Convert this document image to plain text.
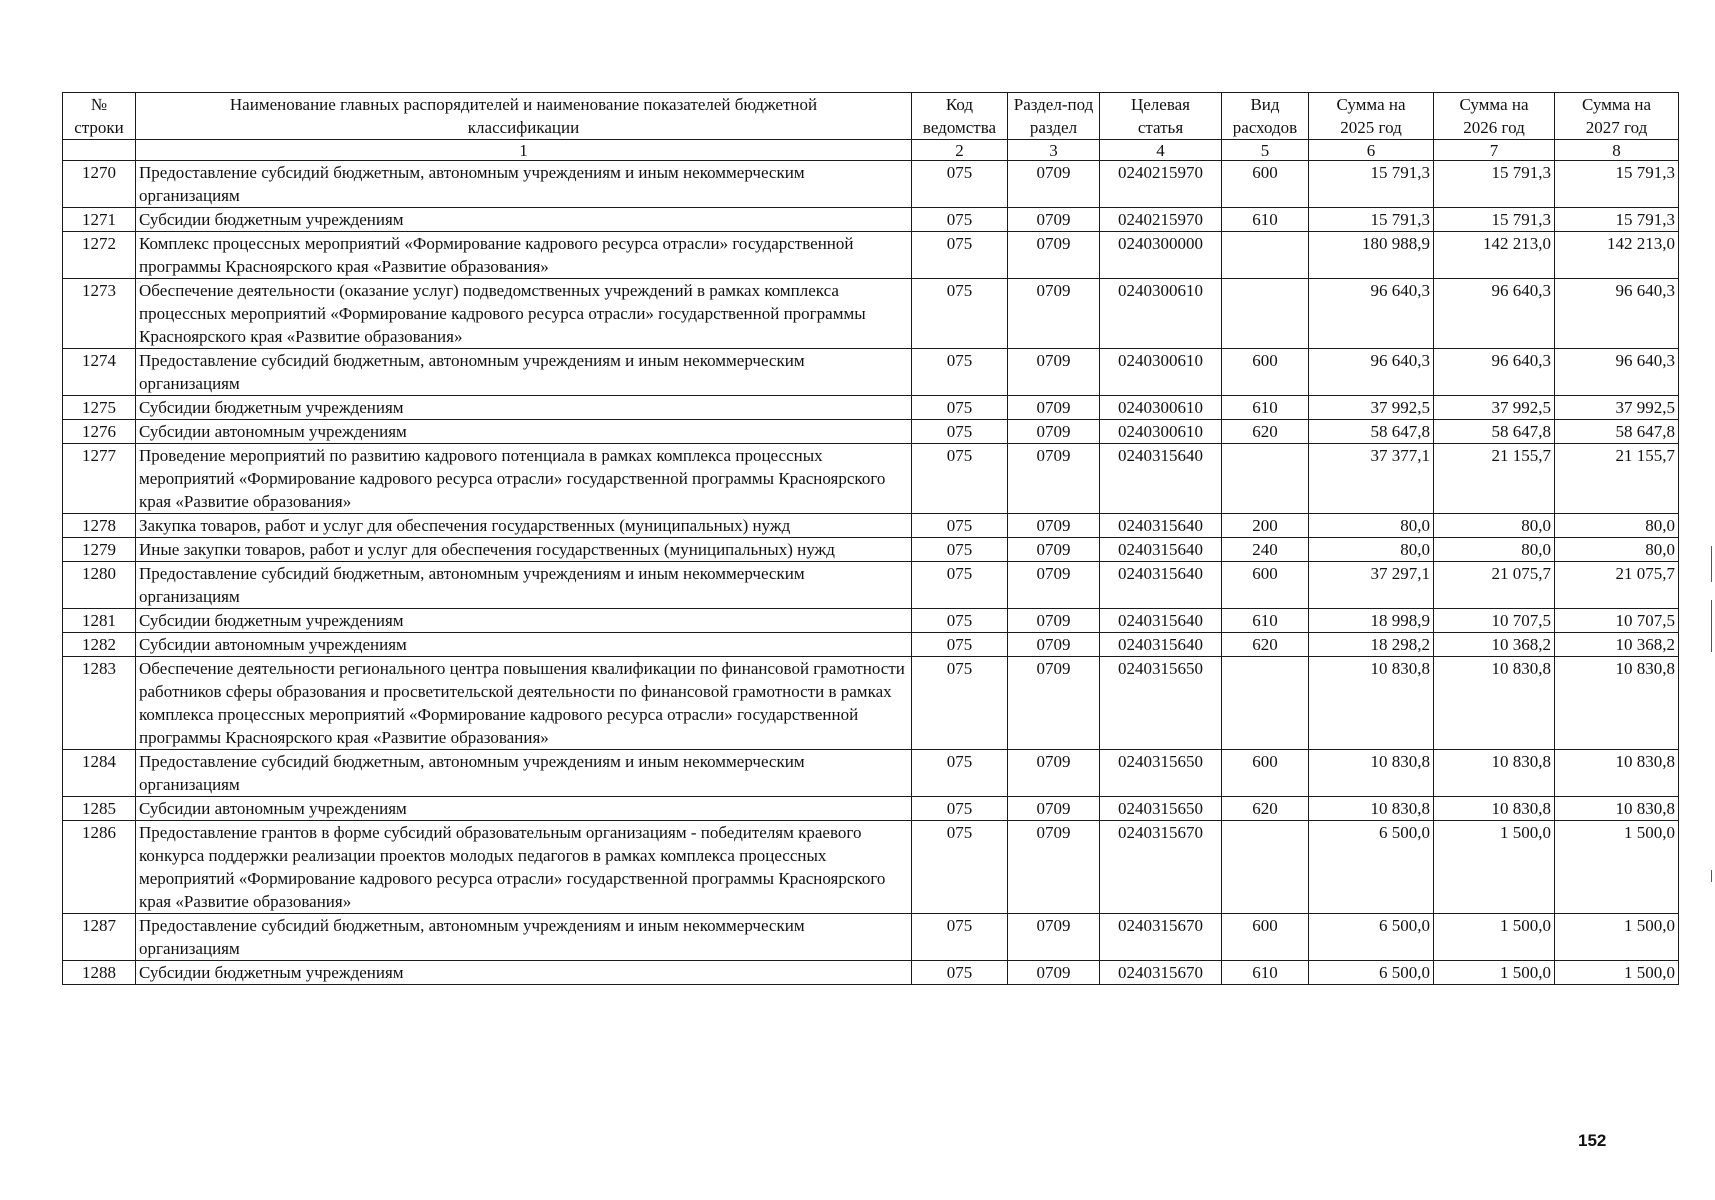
№ строки	Наименование главных распорядителей и наименование показателей бюджетной классификации	Код ведомства	Раздел-подраздел	Целевая статья	Вид расходов	Сумма на 2025 год	Сумма на 2026 год	Сумма на 2027 год
	1	2	3	4	5	6	7	8
1270	Предоставление субсидий бюджетным, автономным учреждениям и иным некоммерческим организациям	075	0709	0240215970	600	15 791,3	15 791,3	15 791,3
1271	Субсидии бюджетным учреждениям	075	0709	0240215970	610	15 791,3	15 791,3	15 791,3
1272	Комплекс процессных мероприятий «Формирование кадрового ресурса отрасли» государственной программы Красноярского края «Развитие образования»	075	0709	0240300000		180 988,9	142 213,0	142 213,0
1273	Обеспечение деятельности (оказание услуг) подведомственных учреждений в рамках комплекса процессных мероприятий «Формирование кадрового ресурса отрасли» государственной программы Красноярского края «Развитие образования»	075	0709	0240300610		96 640,3	96 640,3	96 640,3
1274	Предоставление субсидий бюджетным, автономным учреждениям и иным некоммерческим организациям	075	0709	0240300610	600	96 640,3	96 640,3	96 640,3
1275	Субсидии бюджетным учреждениям	075	0709	0240300610	610	37 992,5	37 992,5	37 992,5
1276	Субсидии автономным учреждениям	075	0709	0240300610	620	58 647,8	58 647,8	58 647,8
1277	Проведение мероприятий по развитию кадрового потенциала в рамках комплекса процессных мероприятий «Формирование кадрового ресурса отрасли» государственной программы Красноярского края «Развитие образования»	075	0709	0240315640		37 377,1	21 155,7	21 155,7
1278	Закупка товаров, работ и услуг для обеспечения государственных (муниципальных) нужд	075	0709	0240315640	200	80,0	80,0	80,0
1279	Иные закупки товаров, работ и услуг для обеспечения государственных (муниципальных) нужд	075	0709	0240315640	240	80,0	80,0	80,0
1280	Предоставление субсидий бюджетным, автономным учреждениям и иным некоммерческим организациям	075	0709	0240315640	600	37 297,1	21 075,7	21 075,7
1281	Субсидии бюджетным учреждениям	075	0709	0240315640	610	18 998,9	10 707,5	10 707,5
1282	Субсидии автономным учреждениям	075	0709	0240315640	620	18 298,2	10 368,2	10 368,2
1283	Обеспечение деятельности регионального центра повышения квалификации по финансовой грамотности работников сферы образования и просветительской деятельности по финансовой грамотности в рамках комплекса процессных мероприятий «Формирование кадрового ресурса отрасли» государственной программы Красноярского края «Развитие образования»	075	0709	0240315650		10 830,8	10 830,8	10 830,8
1284	Предоставление субсидий бюджетным, автономным учреждениям и иным некоммерческим организациям	075	0709	0240315650	600	10 830,8	10 830,8	10 830,8
1285	Субсидии автономным учреждениям	075	0709	0240315650	620	10 830,8	10 830,8	10 830,8
1286	Предоставление грантов в форме субсидий образовательным организациям - победителям краевого конкурса поддержки реализации проектов молодых педагогов в рамках комплекса процессных мероприятий «Формирование кадрового ресурса отрасли» государственной программы Красноярского края «Развитие образования»	075	0709	0240315670		6 500,0	1 500,0	1 500,0
1287	Предоставление субсидий бюджетным, автономным учреждениям и иным некоммерческим организациям	075	0709	0240315670	600	6 500,0	1 500,0	1 500,0
1288	Субсидии бюджетным учреждениям	075	0709	0240315670	610	6 500,0	1 500,0	1 500,0
152
